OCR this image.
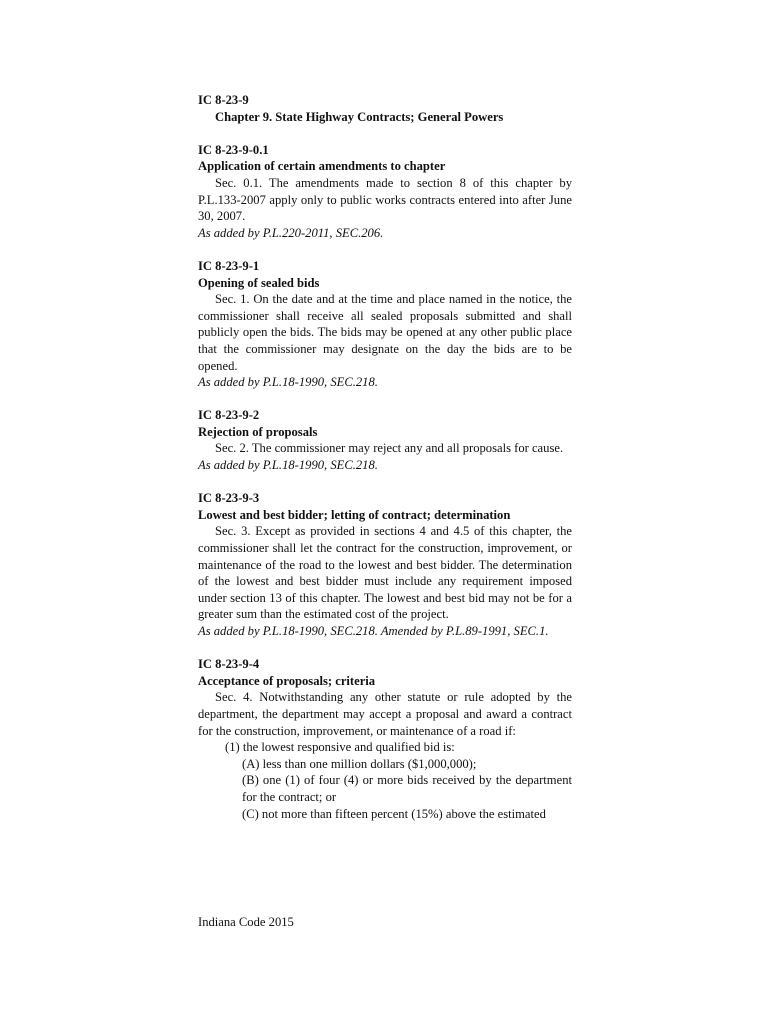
IC 8-23-9

Chapter 9. State Highway Contracts; General Powers

IC 8-23-9-0.1

Application of certain amendments to chapter

Sec. 0.1. The amendments made to section 8 of this chapter by P.L.133-2007 apply only to public works contracts entered into after June 30, 2007.

As added by P.L.220-2011, SEC.206.

IC 8-23-9-1

Opening of sealed bids

Sec. 1. On the date and at the time and place named in the notice, the commissioner shall receive all sealed proposals submitted and shall publicly open the bids. The bids may be opened at any other public place that the commissioner may designate on the day the bids are to be opened.

As added by P.L.18-1990, SEC.218.

IC 8-23-9-2

Rejection of proposals

Sec. 2. The commissioner may reject any and all proposals for cause.

As added by P.L.18-1990, SEC.218.

IC 8-23-9-3

Lowest and best bidder; letting of contract; determination

Sec. 3. Except as provided in sections 4 and 4.5 of this chapter, the commissioner shall let the contract for the construction, improvement, or maintenance of the road to the lowest and best bidder. The determination of the lowest and best bidder must include any requirement imposed under section 13 of this chapter. The lowest and best bid may not be for a greater sum than the estimated cost of the project.

As added by P.L.18-1990, SEC.218. Amended by P.L.89-1991, SEC.1.

IC 8-23-9-4

Acceptance of proposals; criteria

Sec. 4. Notwithstanding any other statute or rule adopted by the department, the department may accept a proposal and award a contract for the construction, improvement, or maintenance of a road if:

(1) the lowest responsive and qualified bid is:

(A) less than one million dollars ($1,000,000);

(B) one (1) of four (4) or more bids received by the department for the contract; or

(C) not more than fifteen percent (15%) above the estimated

Indiana Code 2015
